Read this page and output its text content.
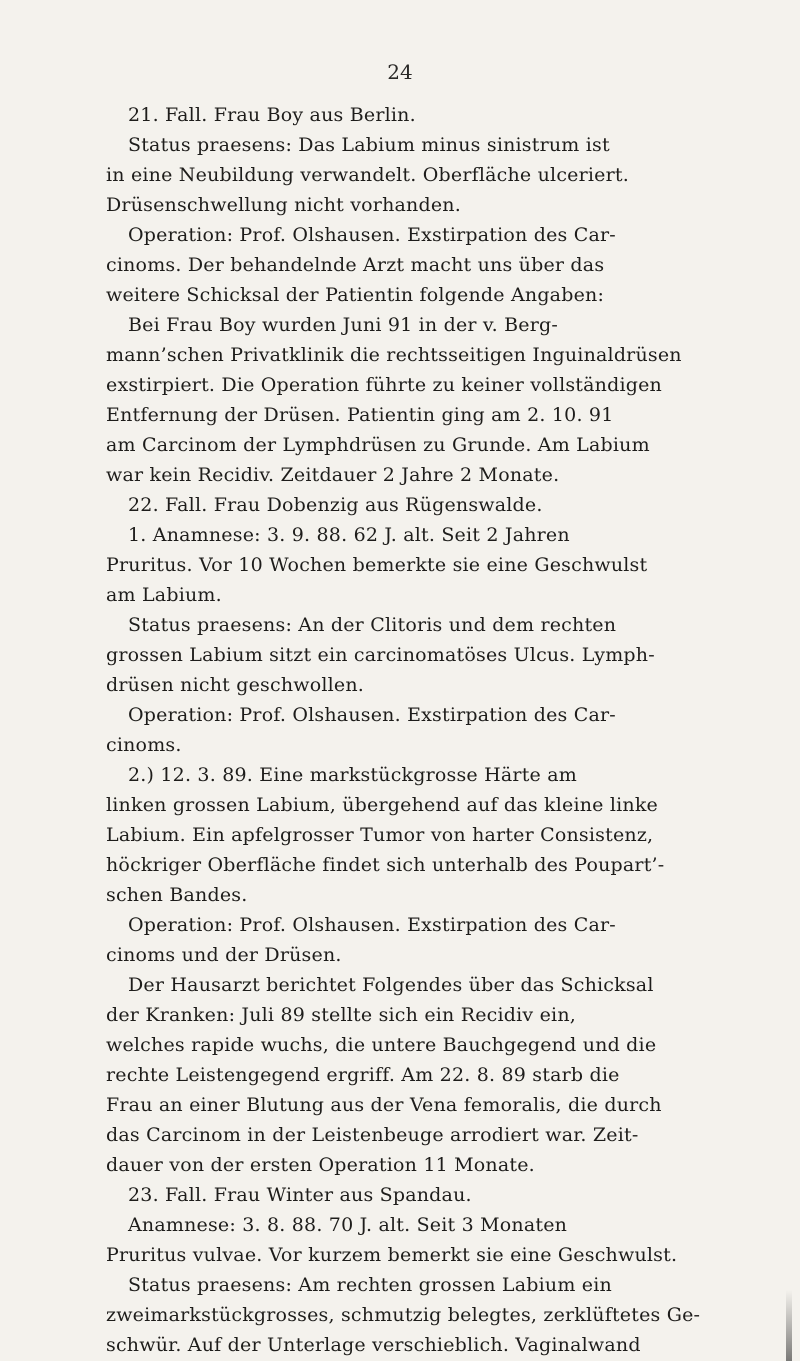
24
21. Fall. Frau Boy aus Berlin.
Status praesens: Das Labium minus sinistrum ist
in eine Neubildung verwandelt. Oberfläche ulceriert.
Drüsenschwellung nicht vorhanden.
Operation: Prof. Olshausen. Exstirpation des Car-
cinoms. Der behandelnde Arzt macht uns über das
weitere Schicksal der Patientin folgende Angaben:
Bei Frau Boy wurden Juni 91 in der v. Berg-
mann’schen Privatklinik die rechtsseitigen Inguinaldrüsen
exstirpiert. Die Operation führte zu keiner vollständigen
Entfernung der Drüsen. Patientin ging am 2. 10. 91
am Carcinom der Lymphdrüsen zu Grunde. Am Labium
war kein Recidiv. Zeitdauer 2 Jahre 2 Monate.
22. Fall. Frau Dobenzig aus Rügenswalde.
1. Anamnese: 3. 9. 88. 62 J. alt. Seit 2 Jahren
Pruritus. Vor 10 Wochen bemerkte sie eine Geschwulst
am Labium.
Status praesens: An der Clitoris und dem rechten
grossen Labium sitzt ein carcinomatöses Ulcus. Lymph-
drüsen nicht geschwollen.
Operation: Prof. Olshausen. Exstirpation des Car-
cinoms.
2.) 12. 3. 89. Eine markstückgrosse Härte am
linken grossen Labium, übergehend auf das kleine linke
Labium. Ein apfelgrosser Tumor von harter Consistenz,
höckriger Oberfläche findet sich unterhalb des Poupart’-
schen Bandes.
Operation: Prof. Olshausen. Exstirpation des Car-
cinoms und der Drüsen.
Der Hausarzt berichtet Folgendes über das Schicksal
der Kranken: Juli 89 stellte sich ein Recidiv ein,
welches rapide wuchs, die untere Bauchgegend und die
rechte Leistengegend ergriff. Am 22. 8. 89 starb die
Frau an einer Blutung aus der Vena femoralis, die durch
das Carcinom in der Leistenbeuge arrodiert war. Zeit-
dauer von der ersten Operation 11 Monate.
23. Fall. Frau Winter aus Spandau.
Anamnese: 3. 8. 88. 70 J. alt. Seit 3 Monaten
Pruritus vulvae. Vor kurzem bemerkt sie eine Geschwulst.
Status praesens: Am rechten grossen Labium ein
zweimarkstückgrosses, schmutzig belegtes, zerklüftetes Ge-
schwür. Auf der Unterlage verschieblich. Vaginalwand
